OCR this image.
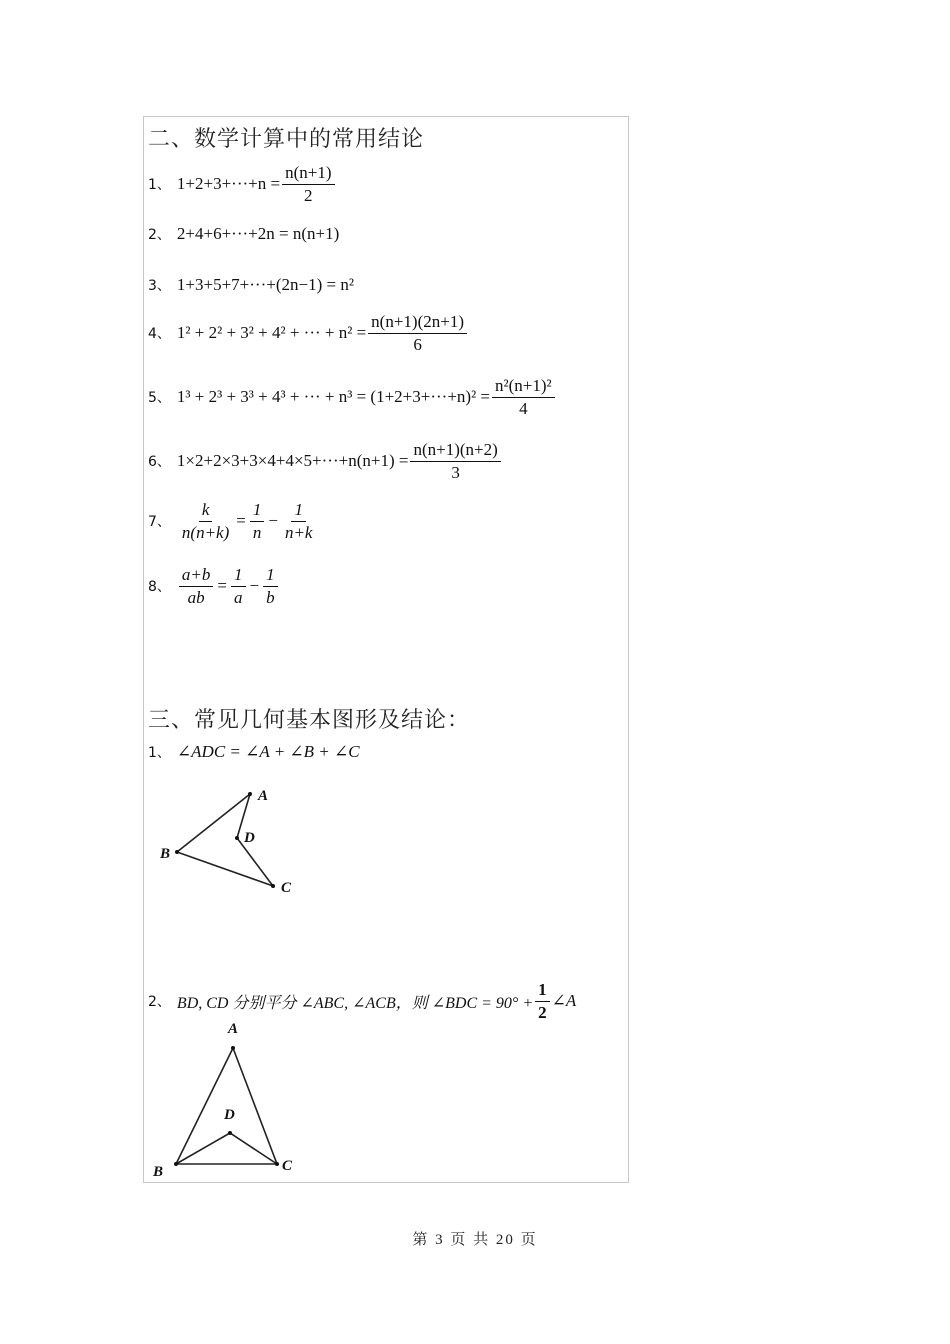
二、数学计算中的常用结论
1、 $1+2+3+\cdot\cdot\cdot+n = \frac{n(n+1)}{2}$
2、 2+4+6+···+2n = n(n+1)
3、 1+3+5+7+···+(2n−1) = n²
4、 1² + 2² + 3² + 4² + ··· + $n^2 = \frac{n(n+1)(2n+1)}{6}$
5、 1³ + 2³ + 3³ + 4³ + ··· + $n^3 = (1+2+3+\cdot\cdot\cdot+n)^2 = \frac{\text{n²(n+1)²}}{4}$
6、 $1\times 2+2\times 3+3\times 4+4\times 5+\cdot\cdot\cdot+n(n+1) = \frac{n(n+1)(n+2)}{3}$
7、 $\frac{k}{n(n+k)} = \frac{1}{n} - \frac{1}{n+k}$
8、 $\frac{a+b}{ab} = \frac{1}{a} - \frac{1}{b}$
三、常见几何基本图形及结论：
1、 ∠ADC = ∠A + ∠B + ∠C
A
B
C
D
2、 BD, CD 分别平分 ∠ABC, ∠ACB，则 ∠BDC = $90^\circ + \frac{1}{2}$ ∠A
A
B	C
D
第 3 页 共 20 页
